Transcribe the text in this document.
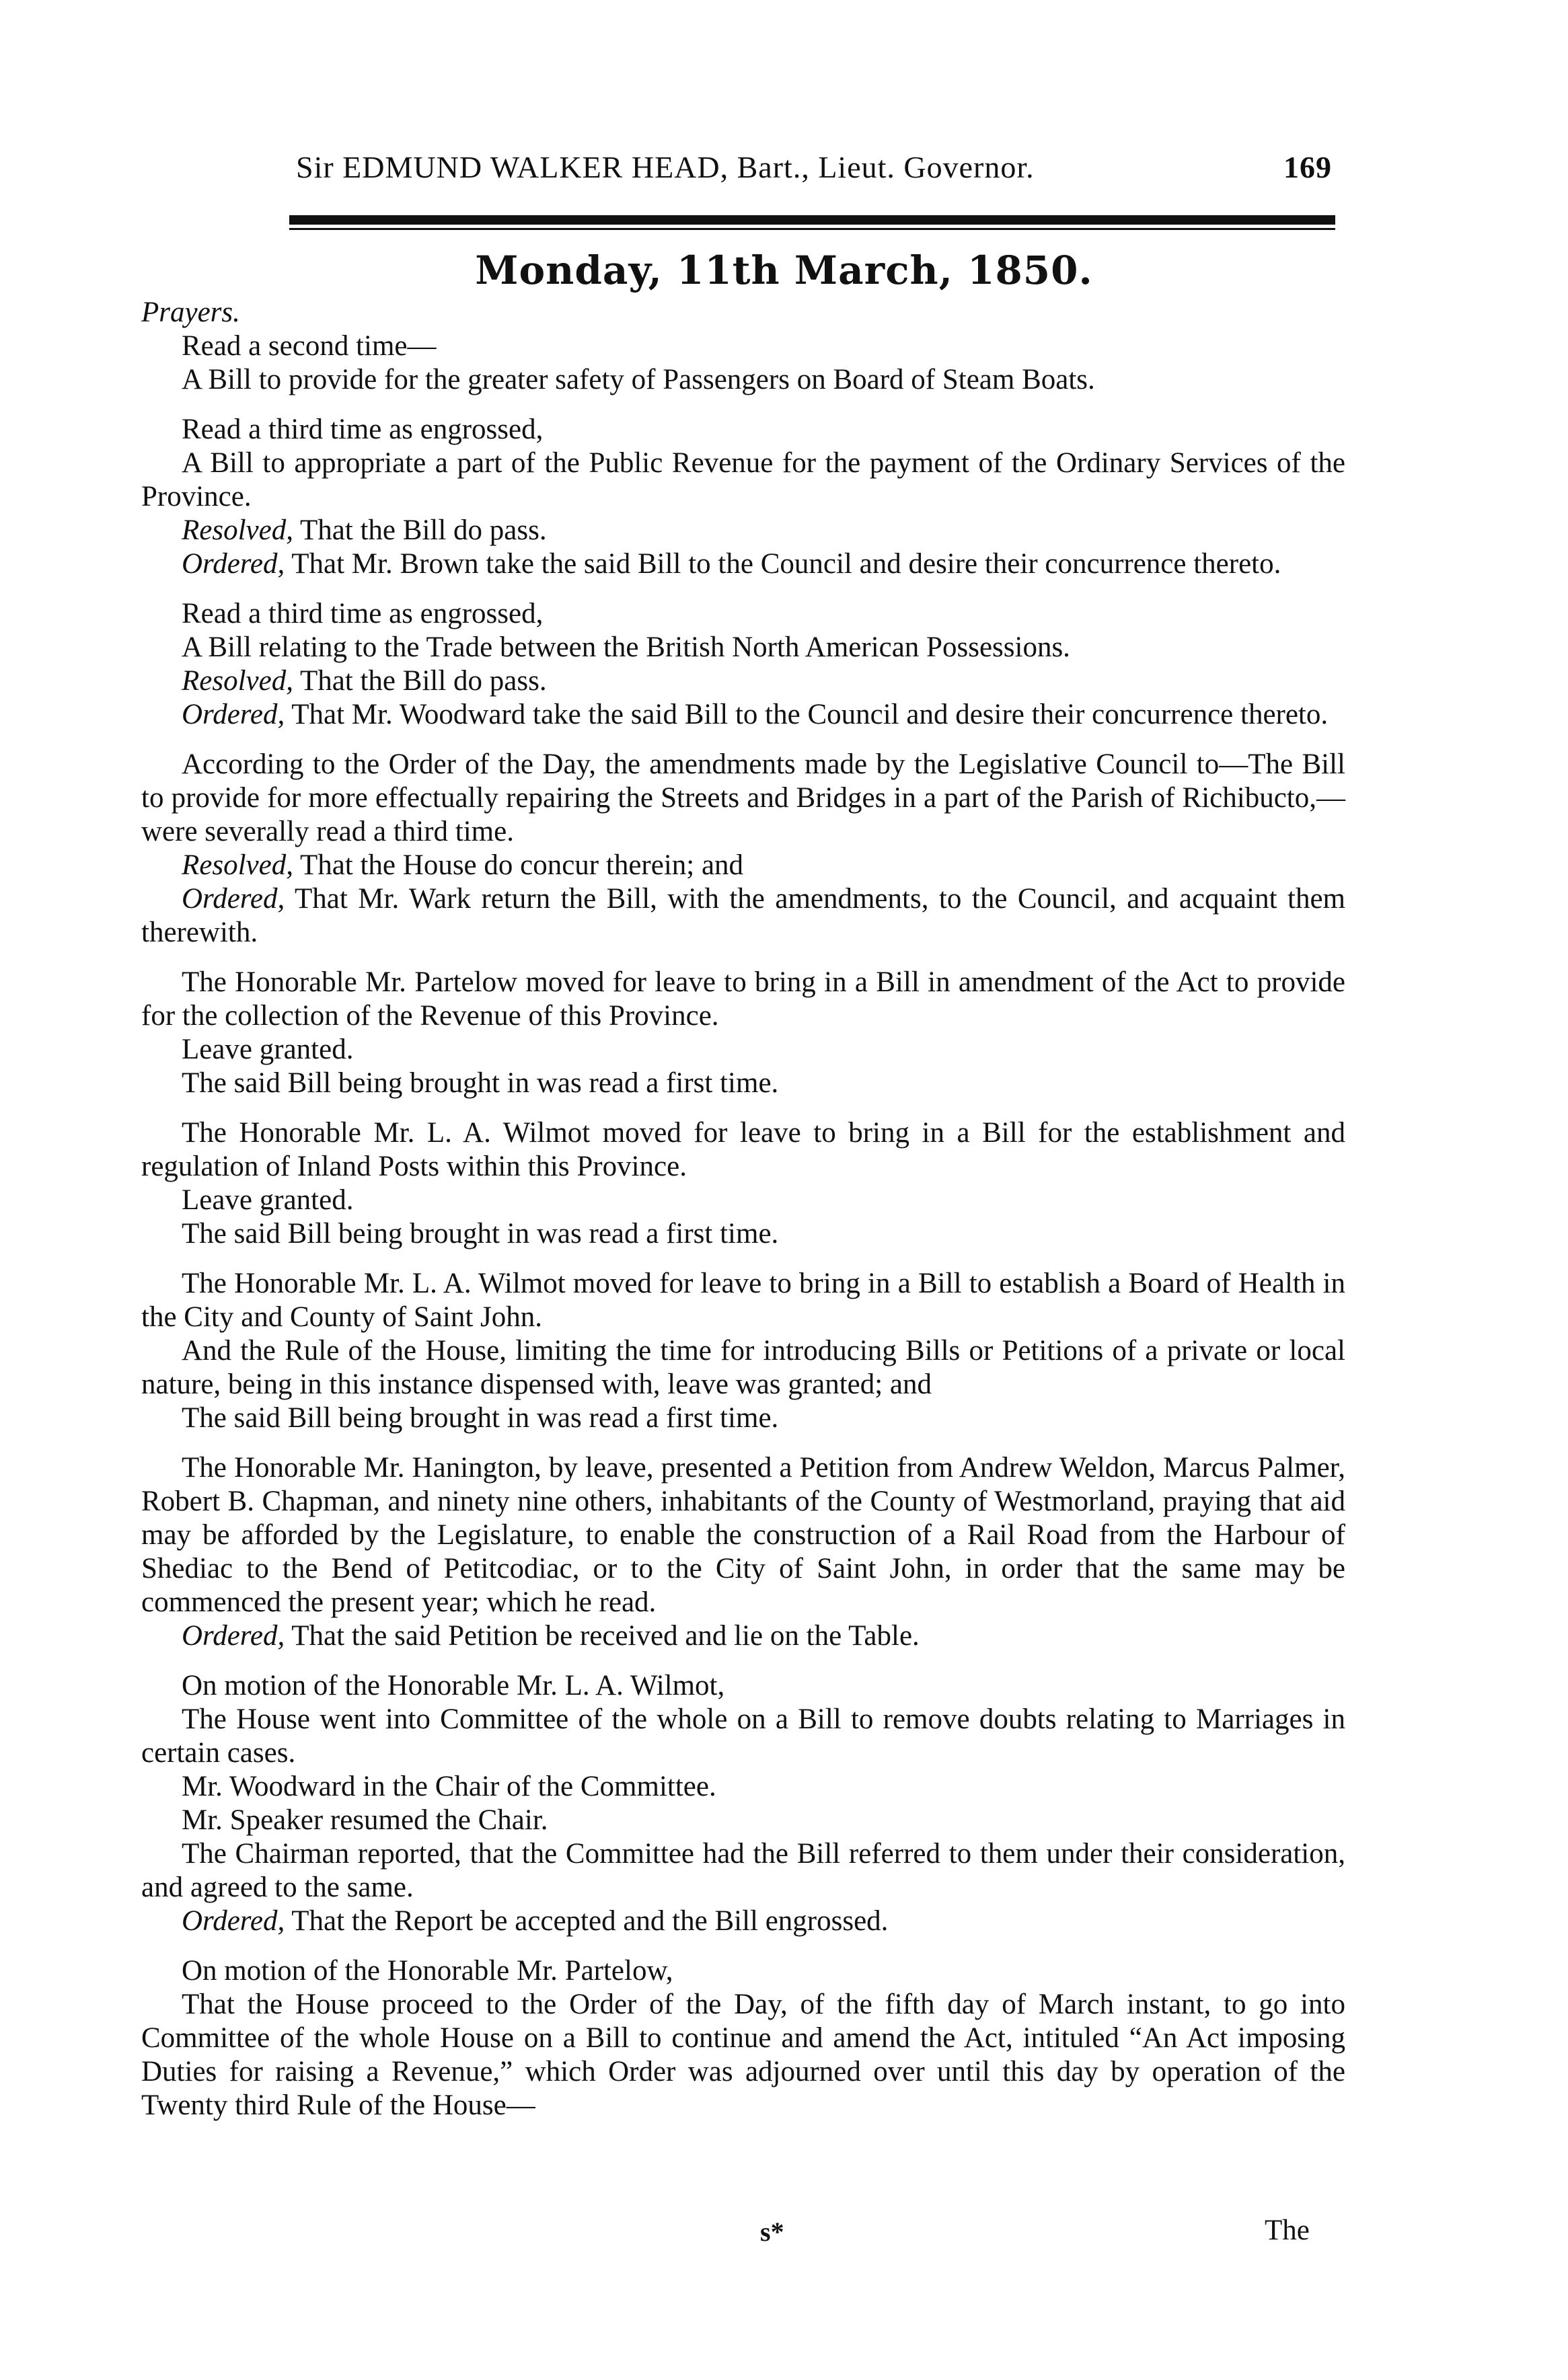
Sir EDMUND WALKER HEAD, Bart., Lieut. Governor.	169
Monday, 11th March, 1850.

Prayers.

Read a second time—

A Bill to provide for the greater safety of Passengers on Board of Steam Boats.

Read a third time as engrossed,

A Bill to appropriate a part of the Public Revenue for the payment of the Ordinary Services of the Province.

Resolved, That the Bill do pass.

Ordered, That Mr. Brown take the said Bill to the Council and desire their concurrence thereto.

Read a third time as engrossed,

A Bill relating to the Trade between the British North American Possessions.

Resolved, That the Bill do pass.

Ordered, That Mr. Woodward take the said Bill to the Council and desire their concurrence thereto.

According to the Order of the Day, the amendments made by the Legislative Council to—The Bill to provide for more effectually repairing the Streets and Bridges in a part of the Parish of Richibucto,—were severally read a third time.

Resolved, That the House do concur therein; and

Ordered, That Mr. Wark return the Bill, with the amendments, to the Council, and acquaint them therewith.

The Honorable Mr. Partelow moved for leave to bring in a Bill in amendment of the Act to provide for the collection of the Revenue of this Province.

Leave granted.

The said Bill being brought in was read a first time.

The Honorable Mr. L. A. Wilmot moved for leave to bring in a Bill for the establishment and regulation of Inland Posts within this Province.

Leave granted.

The said Bill being brought in was read a first time.

The Honorable Mr. L. A. Wilmot moved for leave to bring in a Bill to establish a Board of Health in the City and County of Saint John.

And the Rule of the House, limiting the time for introducing Bills or Petitions of a private or local nature, being in this instance dispensed with, leave was granted; and

The said Bill being brought in was read a first time.

The Honorable Mr. Hanington, by leave, presented a Petition from Andrew Weldon, Marcus Palmer, Robert B. Chapman, and ninety nine others, inhabitants of the County of Westmorland, praying that aid may be afforded by the Legislature, to enable the construction of a Rail Road from the Harbour of Shediac to the Bend of Petitcodiac, or to the City of Saint John, in order that the same may be commenced the present year; which he read.

Ordered, That the said Petition be received and lie on the Table.

On motion of the Honorable Mr. L. A. Wilmot,

The House went into Committee of the whole on a Bill to remove doubts relating to Marriages in certain cases.

Mr. Woodward in the Chair of the Committee.

Mr. Speaker resumed the Chair.

The Chairman reported, that the Committee had the Bill referred to them under their consideration, and agreed to the same.

Ordered, That the Report be accepted and the Bill engrossed.

On motion of the Honorable Mr. Partelow,

That the House proceed to the Order of the Day, of the fifth day of March instant, to go into Committee of the whole House on a Bill to continue and amend the Act, intituled “An Act imposing Duties for raising a Revenue,” which Order was adjourned over until this day by operation of the Twenty third Rule of the House—

s*	The
